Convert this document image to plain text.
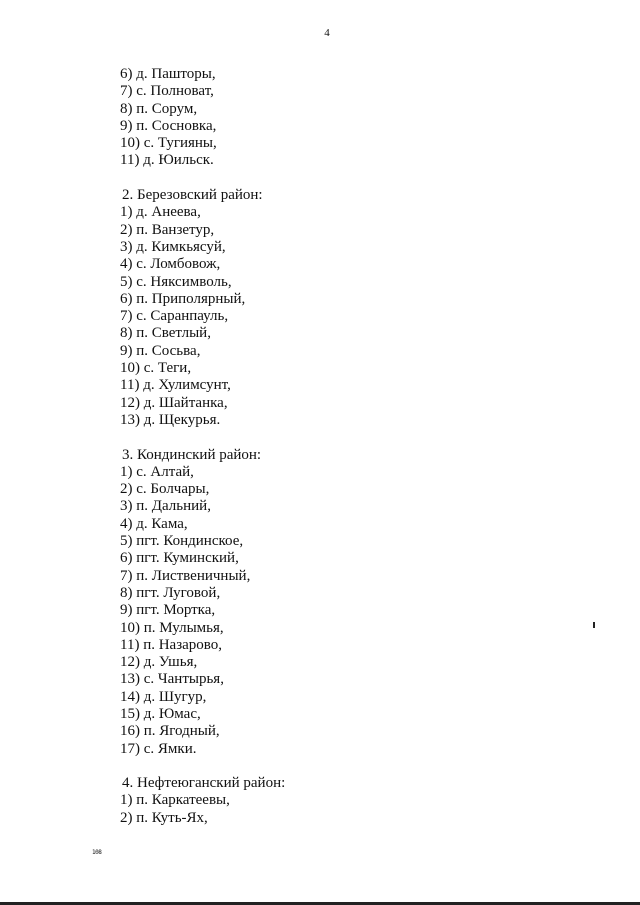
4
6) д. Пашторы,
7) с. Полноват,
8) п. Сорум,
9) п. Сосновка,
10) с. Тугияны,
11) д. Юильск.
2. Березовский район:
1) д. Анеева,
2) п. Ванзетур,
3) д. Кимкьясуй,
4) с. Ломбовож,
5) с. Няксимволь,
6) п. Приполярный,
7) с. Саранпауль,
8) п. Светлый,
9) п. Сосьва,
10) с. Теги,
11) д. Хулимсунт,
12) д. Шайтанка,
13) д. Щекурья.
3. Кондинский район:
1) с. Алтай,
2) с. Болчары,
3) п. Дальний,
4) д. Кама,
5) пгт. Кондинское,
6) пгт. Куминский,
7) п. Лиственичный,
8) пгт. Луговой,
9) пгт. Мортка,
10) п. Мулымья,
11) п. Назарово,
12) д. Ушья,
13) с. Чантырья,
14) д. Шугур,
15) д. Юмас,
16) п. Ягодный,
17) с. Ямки.
4. Нефтеюганский район:
1) п. Каркатеевы,
2) п. Куть-Ях,
108
